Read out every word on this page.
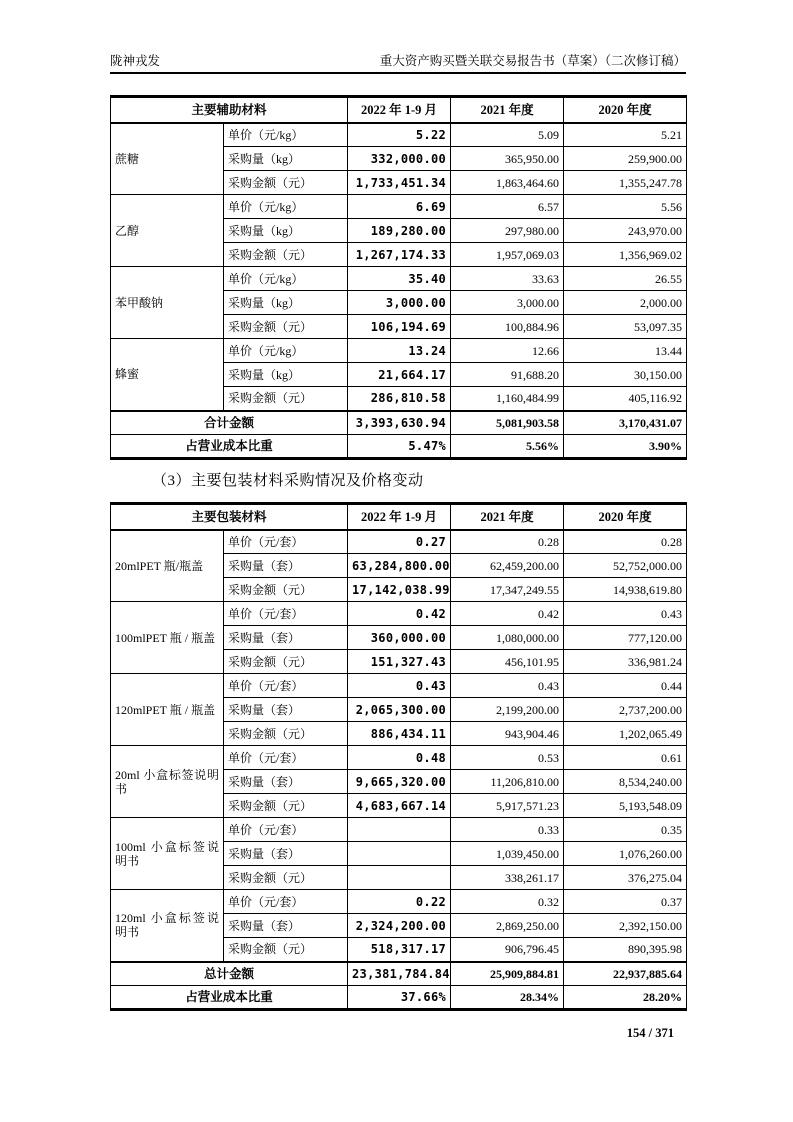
陇神戎发	重大资产购买暨关联交易报告书（草案）（二次修订稿）
主要辅助材料		2022 年 1-9 月	2021 年度	2020 年度
蔗糖	单价（元/kg）	5.22	5.09	5.21
	采购量（kg）	332,000.00	365,950.00	259,900.00
	采购金额（元）	1,733,451.34	1,863,464.60	1,355,247.78
乙醇	单价（元/kg）	6.69	6.57	5.56
	采购量（kg）	189,280.00	297,980.00	243,970.00
	采购金额（元）	1,267,174.33	1,957,069.03	1,356,969.02
苯甲酸钠	单价（元/kg）	35.40	33.63	26.55
	采购量（kg）	3,000.00	3,000.00	2,000.00
	采购金额（元）	106,194.69	100,884.96	53,097.35
蜂蜜	单价（元/kg）	13.24	12.66	13.44
	采购量（kg）	21,664.17	91,688.20	30,150.00
	采购金额（元）	286,810.58	1,160,484.99	405,116.92
合计金额		3,393,630.94	5,081,903.58	3,170,431.07
占营业成本比重		5.47%	5.56%	3.90%
（3）主要包装材料采购情况及价格变动
主要包装材料		2022 年 1-9 月	2021 年度	2020 年度
20mlPET 瓶/瓶盖	单价（元/套）	0.27	0.28	0.28
	采购量（套）	63,284,800.00	62,459,200.00	52,752,000.00
	采购金额（元）	17,142,038.99	17,347,249.55	14,938,619.80
100mlPET 瓶 / 瓶盖	单价（元/套）	0.42	0.42	0.43
	采购量（套）	360,000.00	1,080,000.00	777,120.00
	采购金额（元）	151,327.43	456,101.95	336,981.24
120mlPET 瓶 / 瓶盖	单价（元/套）	0.43	0.43	0.44
	采购量（套）	2,065,300.00	2,199,200.00	2,737,200.00
	采购金额（元）	886,434.11	943,904.46	1,202,065.49
20ml 小盒标签说明书	单价（元/套）	0.48	0.53	0.61
	采购量（套）	9,665,320.00	11,206,810.00	8,534,240.00
	采购金额（元）	4,683,667.14	5,917,571.23	5,193,548.09
100ml 小盒标签说明书	单价（元/套）		0.33	0.35
	采购量（套）		1,039,450.00	1,076,260.00
	采购金额（元）		338,261.17	376,275.04
120ml 小盒标签说明书	单价（元/套）	0.22	0.32	0.37
	采购量（套）	2,324,200.00	2,869,250.00	2,392,150.00
	采购金额（元）	518,317.17	906,796.45	890,395.98
总计金额		23,381,784.84	25,909,884.81	22,937,885.64
占营业成本比重		37.66%	28.34%	28.20%
154 / 371
